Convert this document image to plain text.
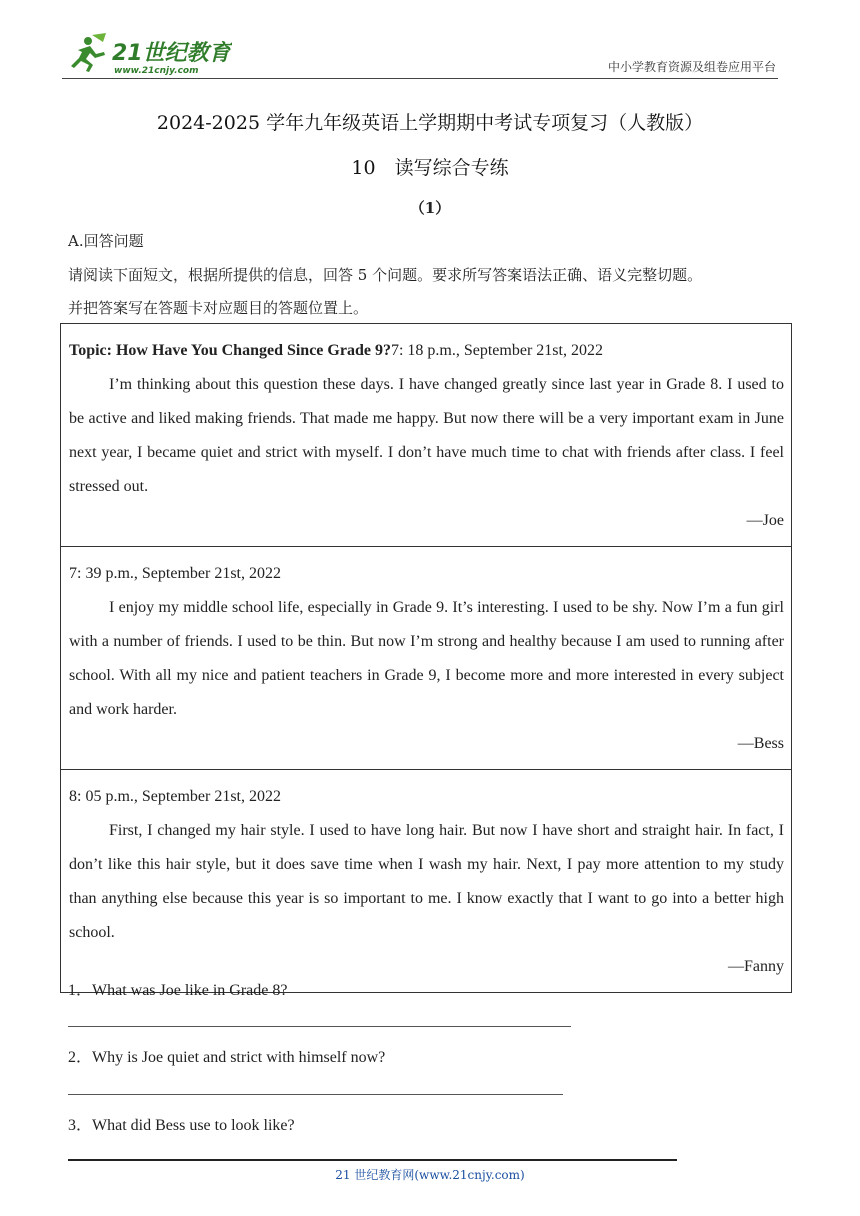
21世纪教育
www.21cnjy.com	中小学教育资源及组卷应用平台
2024-2025 学年九年级英语上学期期中考试专项复习（人教版）
10　读写综合专练
（1）
A.回答问题
请阅读下面短文，根据所提供的信息，回答 5 个问题。要求所写答案语法正确、语义完整切题。
并把答案写在答题卡对应题目的答题位置上。
Topic: How Have You Changed Since Grade 9?7: 18 p.m., September 21st, 2022
I’m thinking about this question these days. I have changed greatly since last year in Grade 8. I used to be active and liked making friends. That made me happy. But now there will be a very important exam in June next year, I became quiet and strict with myself. I don’t have much time to chat with friends after class. I feel stressed out.
—Joe
7: 39 p.m., September 21st, 2022
I enjoy my middle school life, especially in Grade 9. It’s interesting. I used to be shy. Now I’m a fun girl with a number of friends. I used to be thin. But now I’m strong and healthy because I am used to running after school. With all my nice and patient teachers in Grade 9, I become more and more interested in every subject and work harder.
—Bess
8: 05 p.m., September 21st, 2022
First, I changed my hair style. I used to have long hair. But now I have short and straight hair. In fact, I don’t like this hair style, but it does save time when I wash my hair. Next, I pay more attention to my study than anything else because this year is so important to me. I know exactly that I want to go into a better high school.
—Fanny
1．What was Joe like in Grade 8?
2．Why is Joe quiet and strict with himself now?
3．What did Bess use to look like?
21 世纪教育网(www.21cnjy.com)
